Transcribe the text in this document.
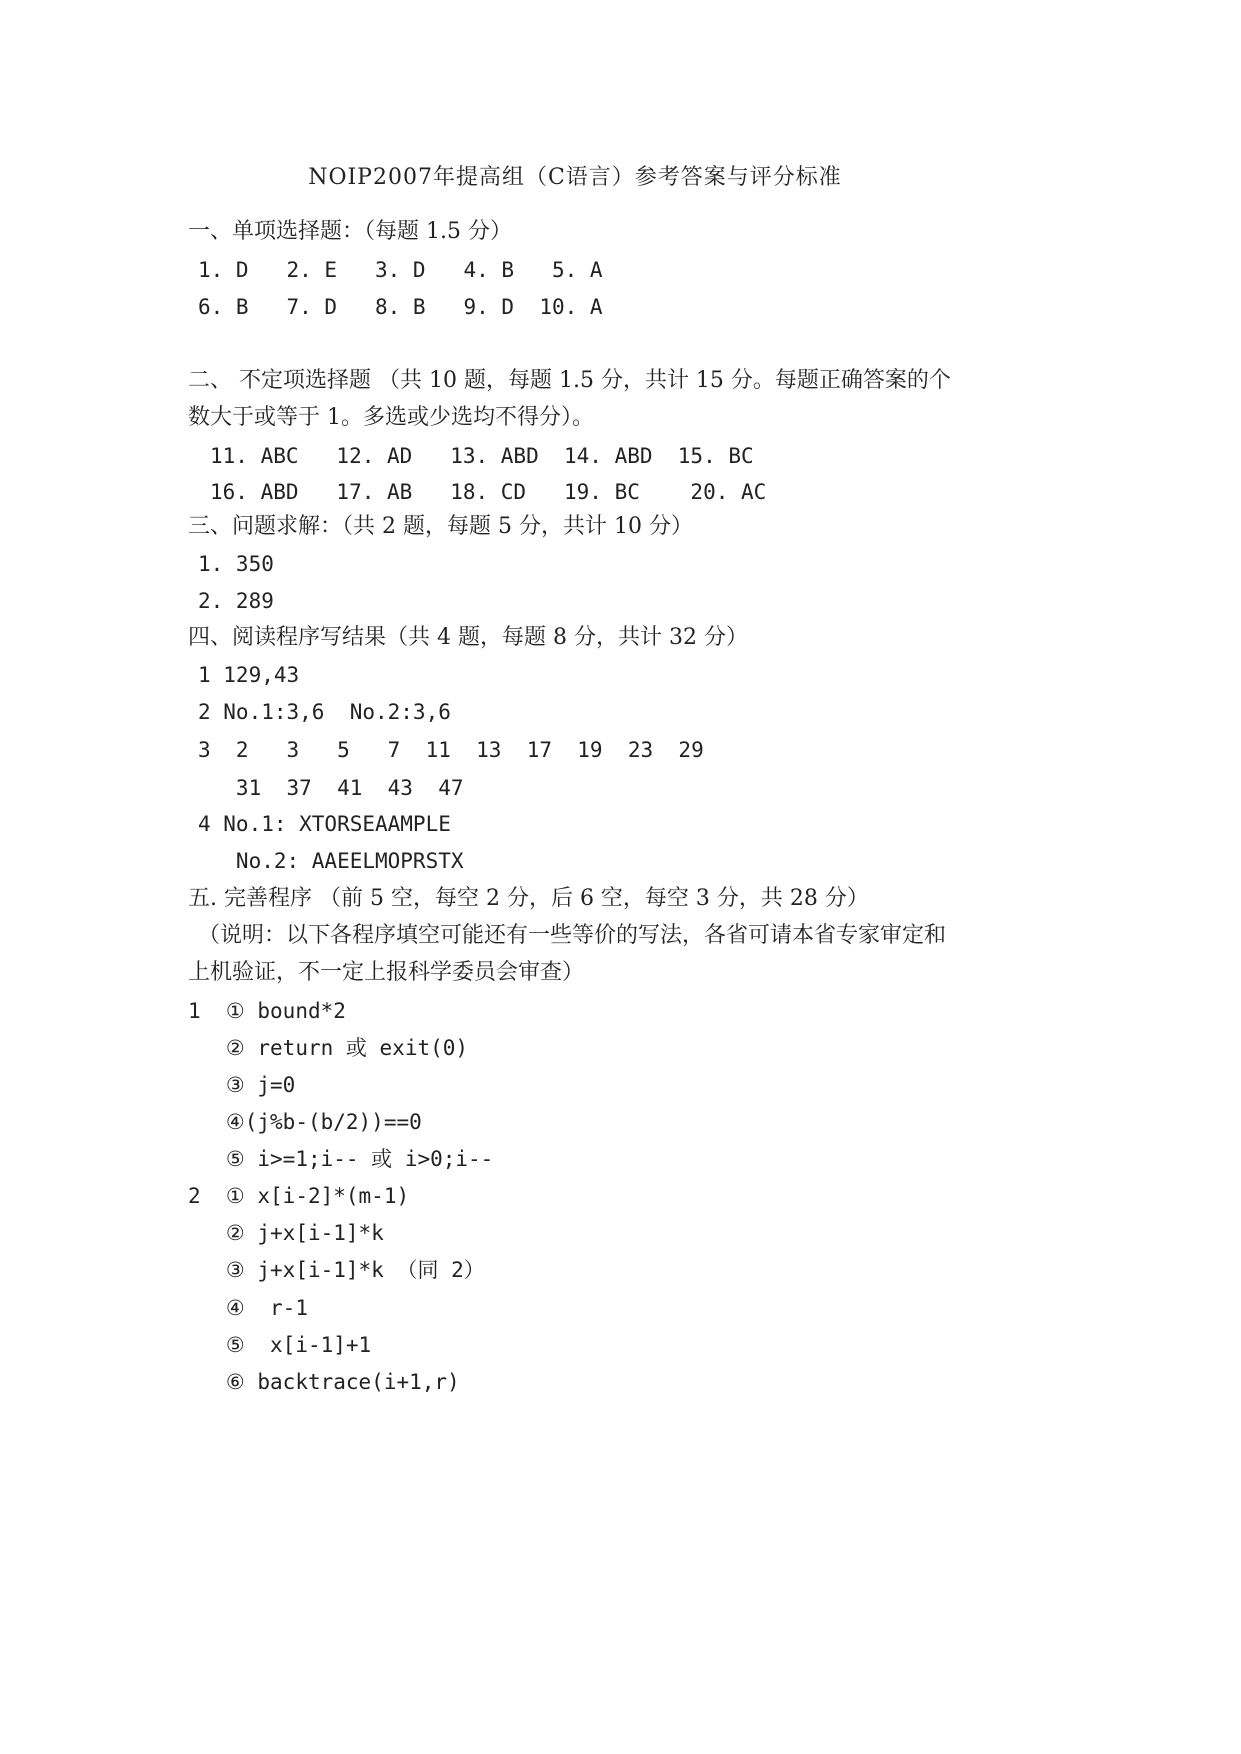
NOIP2007年提高组（C语言）参考答案与评分标准
一、单项选择题：（每题 1.5 分）
1. D   2. E   3. D   4. B   5. A
6. B   7. D   8. B   9. D  10. A
二、 不定项选择题 （共 10 题，每题 1.5 分，共计 15 分。每题正确答案的个
数大于或等于 1。多选或少选均不得分）。
11. ABC   12. AD   13. ABD  14. ABD  15. BC
16. ABD   17. AB   18. CD   19. BC    20. AC
三、问题求解：（共 2 题，每题 5 分，共计 10 分）
1. 350
2. 289
四、阅读程序写结果（共 4 题，每题 8 分，共计 32 分）
1 129,43
2 No.1:3,6  No.2:3,6
3  2   3   5   7  11  13  17  19  23  29
31  37  41  43  47
4 No.1: XTORSEAAMPLE
No.2: AAEELMOPRSTX
五. 完善程序 （前 5 空，每空 2 分，后 6 空，每空 3 分，共 28 分）
（说明：以下各程序填空可能还有一些等价的写法，各省可请本省专家审定和
上机验证，不一定上报科学委员会审查）
1  ① bound*2
② return 或 exit(0)
③ j=0
④(j%b-(b/2))==0
⑤ i>=1;i-- 或 i>0;i--
2  ① x[i-2]*(m-1)
② j+x[i-1]*k
③ j+x[i-1]*k （同 2）
④  r-1
⑤  x[i-1]+1
⑥ backtrace(i+1,r)
